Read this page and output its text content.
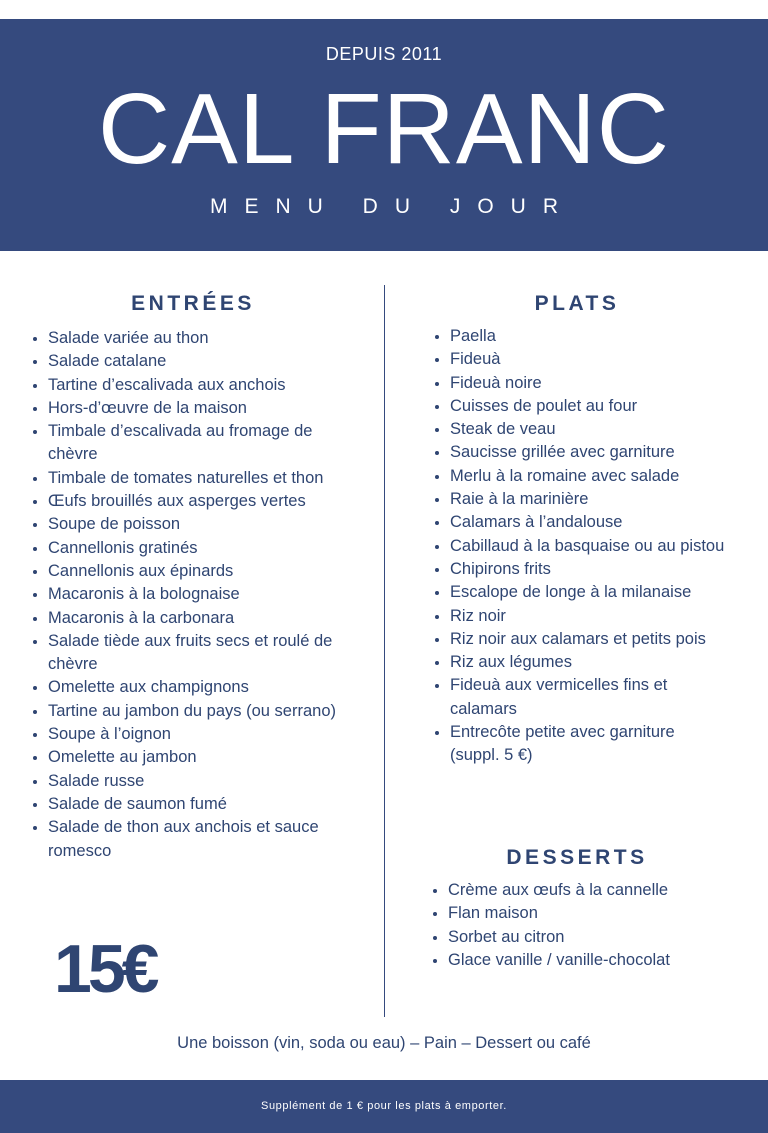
DEPUIS 2011
CAL FRANC
MENU DU JOUR
ENTRÉES
Salade variée au thon
Salade catalane
Tartine d’escalivada aux anchois
Hors-d’œuvre de la maison
Timbale d’escalivada au fromage de chèvre
Timbale de tomates naturelles et thon
Œufs brouillés aux asperges vertes
Soupe de poisson
Cannellonis gratinés
Cannellonis aux épinards
Macaronis à la bolognaise
Macaronis à la carbonara
Salade tiède aux fruits secs et roulé de chèvre
Omelette aux champignons
Tartine au jambon du pays (ou serrano)
Soupe à l’oignon
Omelette au jambon
Salade russe
Salade de saumon fumé
Salade de thon aux anchois et sauce romesco
15€
PLATS
Paella
Fideuà
Fideuà noire
Cuisses de poulet au four
Steak de veau
Saucisse grillée avec garniture
Merlu à la romaine avec salade
Raie à la marinière
Calamars à l’andalouse
Cabillaud à la basquaise ou au pistou
Chipirons frits
Escalope de longe à la milanaise
Riz noir
Riz noir aux calamars et petits pois
Riz aux légumes
Fideuà aux vermicelles fins et calamars
Entrecôte petite avec garniture (suppl. 5 €)
DESSERTS
Crème aux œufs à la cannelle
Flan maison
Sorbet au citron
Glace vanille / vanille-chocolat
Une boisson (vin, soda ou eau) – Pain – Dessert ou café
Supplément de 1 € pour les plats à emporter.
